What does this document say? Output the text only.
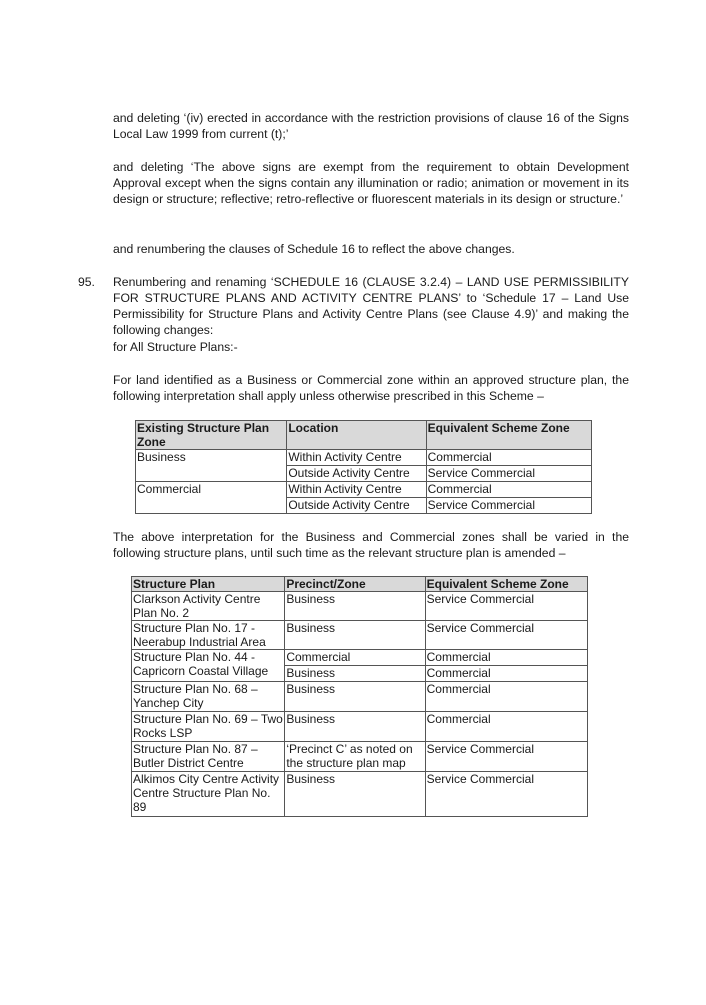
and deleting ‘(iv) erected in accordance with the restriction provisions of clause 16 of the Signs Local Law 1999 from current (t);’

and deleting ‘The above signs are exempt from the requirement to obtain Development Approval except when the signs contain any illumination or radio; animation or movement in its design or structure; reflective; retro-reflective or fluorescent materials in its design or structure.’

and renumbering the clauses of Schedule 16 to reflect the above changes.

95. Renumbering and renaming ‘SCHEDULE 16 (CLAUSE 3.2.4) – LAND USE PERMISSIBILITY FOR STRUCTURE PLANS AND ACTIVITY CENTRE PLANS’ to ‘Schedule 17 – Land Use Permissibility for Structure Plans and Activity Centre Plans (see Clause 4.9)’ and making the following changes:

for All Structure Plans:-

For land identified as a Business or Commercial zone within an approved structure plan, the following interpretation shall apply unless otherwise prescribed in this Scheme –

Existing Structure Plan Zone	Location	Equivalent Scheme Zone
Business	Within Activity Centre	Commercial
	Outside Activity Centre	Service Commercial
Commercial	Within Activity Centre	Commercial
	Outside Activity Centre	Service Commercial

The above interpretation for the Business and Commercial zones shall be varied in the following structure plans, until such time as the relevant structure plan is amended –

Structure Plan	Precinct/Zone	Equivalent Scheme Zone
Clarkson Activity Centre Plan No. 2	Business	Service Commercial
Structure Plan No. 17 - Neerabup Industrial Area	Business	Service Commercial
Structure Plan No. 44 - Capricorn Coastal Village	Commercial	Commercial
	Business	Commercial
Structure Plan No. 68 – Yanchep City	Business	Commercial
Structure Plan No. 69 – Two Rocks LSP	Business	Commercial
Structure Plan No. 87 – Butler District Centre	‘Precinct C’ as noted on the structure plan map	Service Commercial
Alkimos City Centre Activity Centre Structure Plan No. 89	Business	Service Commercial
